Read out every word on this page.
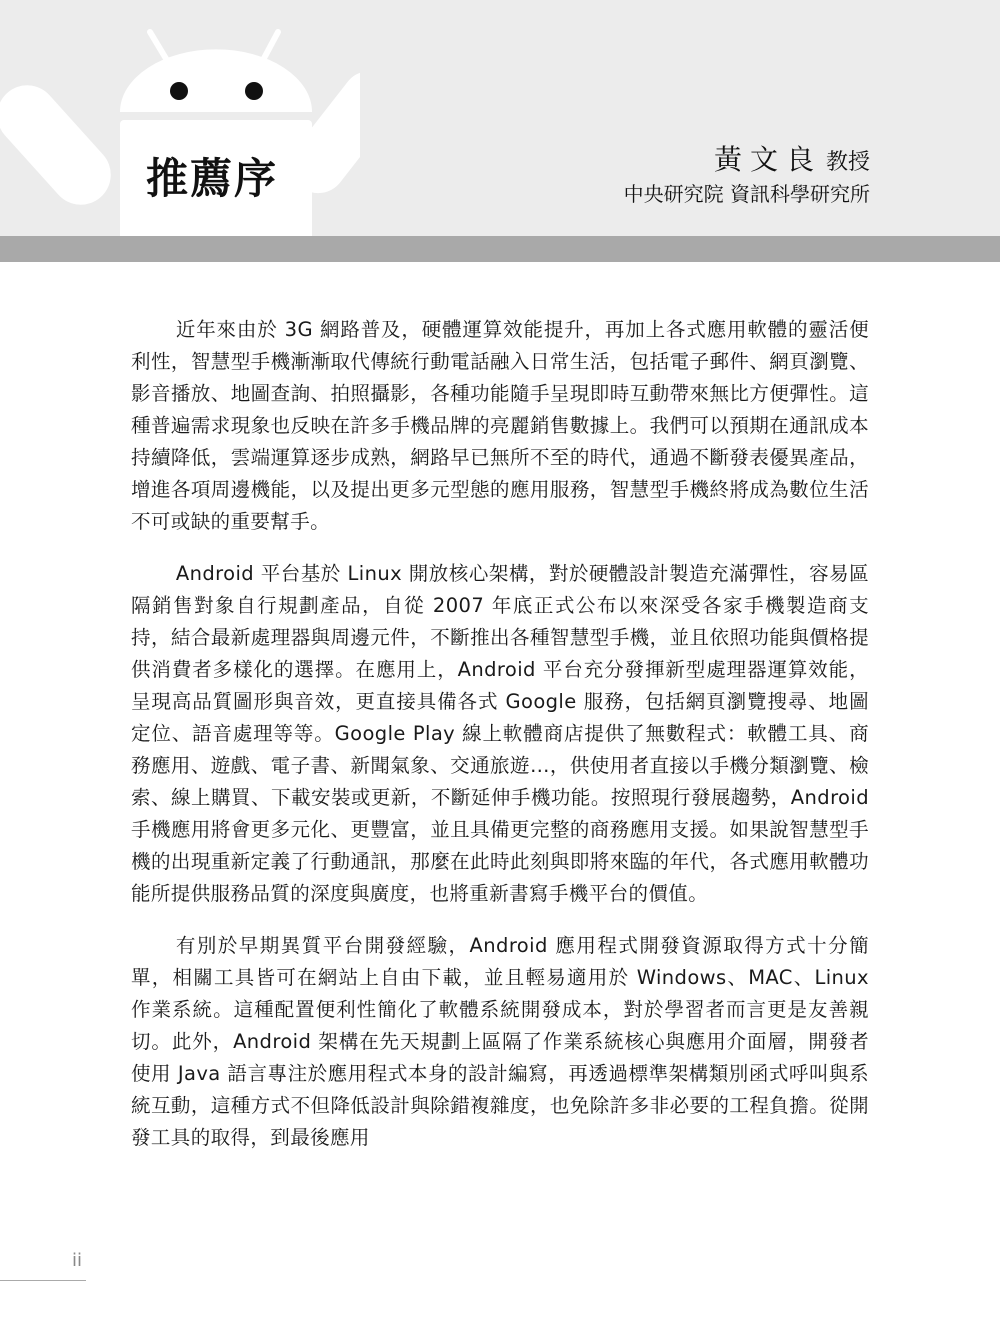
推薦序	黃文良 教授
中央研究院 資訊科學研究所

近年來由於 3G 網路普及，硬體運算效能提升，再加上各式應用軟體的靈活便利性，智慧型手機漸漸取代傳統行動電話融入日常生活，包括電子郵件、網頁瀏覽、影音播放、地圖查詢、拍照攝影，各種功能隨手呈現即時互動帶來無比方便彈性。這種普遍需求現象也反映在許多手機品牌的亮麗銷售數據上。我們可以預期在通訊成本持續降低，雲端運算逐步成熟，網路早已無所不至的時代，通過不斷發表優異產品，增進各項周邊機能，以及提出更多元型態的應用服務，智慧型手機終將成為數位生活不可或缺的重要幫手。

Android 平台基於 Linux 開放核心架構，對於硬體設計製造充滿彈性，容易區隔銷售對象自行規劃產品，自從 2007 年底正式公布以來深受各家手機製造商支持，結合最新處理器與周邊元件，不斷推出各種智慧型手機，並且依照功能與價格提供消費者多樣化的選擇。在應用上，Android 平台充分發揮新型處理器運算效能，呈現高品質圖形與音效，更直接具備各式 Google 服務，包括網頁瀏覽搜尋、地圖定位、語音處理等等。Google Play 線上軟體商店提供了無數程式：軟體工具、商務應用、遊戲、電子書、新聞氣象、交通旅遊…，供使用者直接以手機分類瀏覽、檢索、線上購買、下載安裝或更新，不斷延伸手機功能。按照現行發展趨勢，Android 手機應用將會更多元化、更豐富，並且具備更完整的商務應用支援。如果說智慧型手機的出現重新定義了行動通訊，那麼在此時此刻與即將來臨的年代，各式應用軟體功能所提供服務品質的深度與廣度，也將重新書寫手機平台的價值。

有別於早期異質平台開發經驗，Android 應用程式開發資源取得方式十分簡單，相關工具皆可在網站上自由下載，並且輕易適用於 Windows、MAC、Linux 作業系統。這種配置便利性簡化了軟體系統開發成本，對於學習者而言更是友善親切。此外，Android 架構在先天規劃上區隔了作業系統核心與應用介面層，開發者使用 Java 語言專注於應用程式本身的設計編寫，再透過標準架構類別函式呼叫與系統互動，這種方式不但降低設計與除錯複雜度，也免除許多非必要的工程負擔。從開發工具的取得，到最後應用

ii
